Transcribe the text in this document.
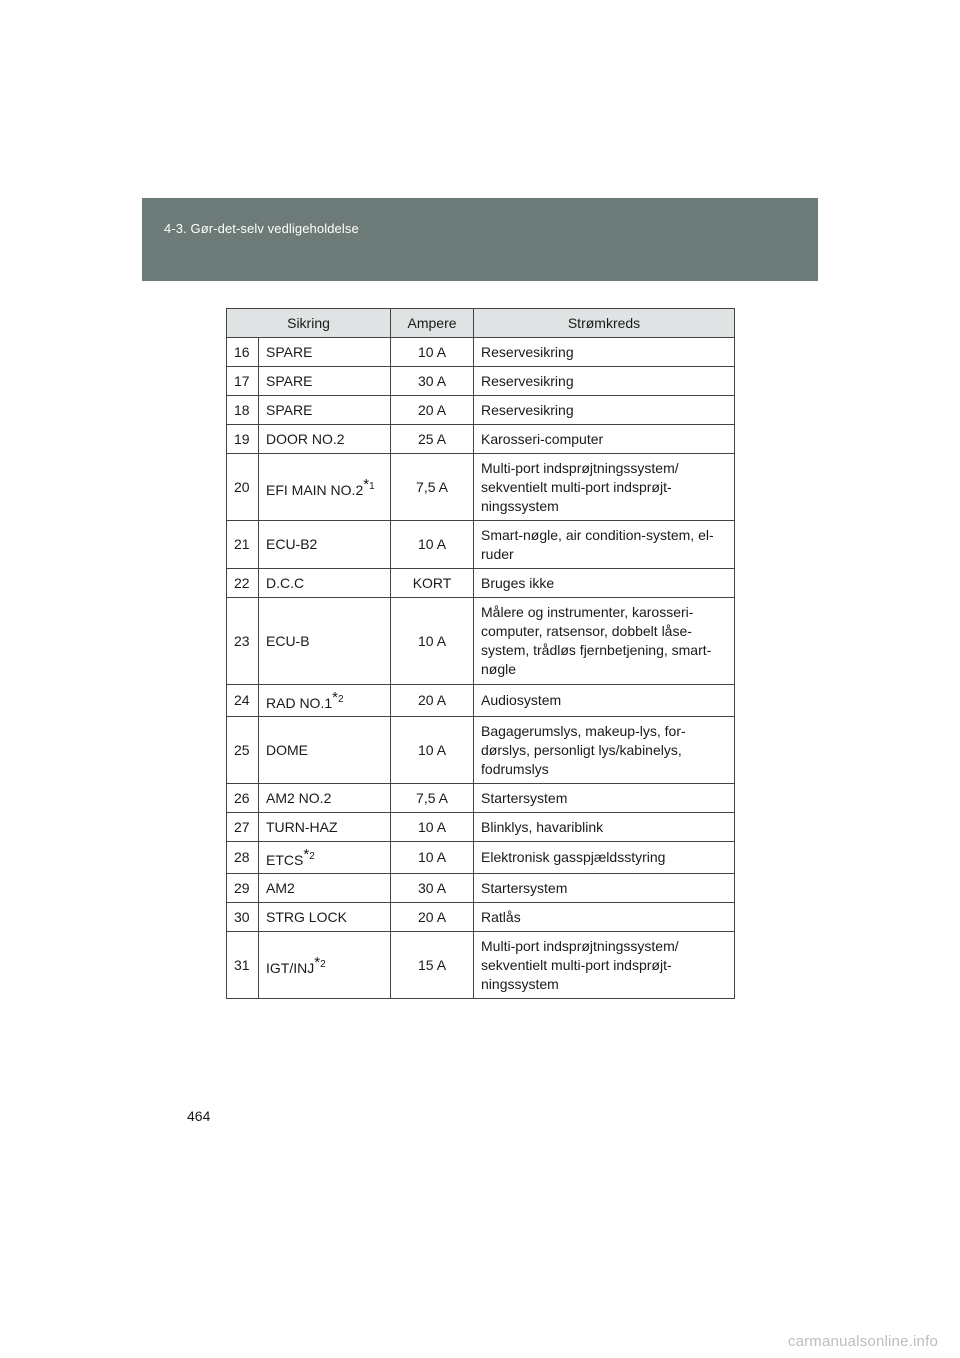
4-3. Gør-det-selv vedligeholdelse
Sikring		Ampere	Strømkreds
16	SPARE	10 A	Reservesikring
17	SPARE	30 A	Reservesikring
18	SPARE	20 A	Reservesikring
19	DOOR NO.2	25 A	Karosseri-computer
20	EFI MAIN NO.2$^{*1}$	7,5 A	Multi-port indsprøjtningssystem/ sekventielt multi-port indsprøjt-ningssystem
21	ECU-B2	10 A	Smart-nøgle, air condition-system, el-ruder
22	D.C.C	KORT	Bruges ikke
23	ECU-B	10 A	Målere og instrumenter, karosseri-computer, ratsensor, dobbelt låse-system, trådløs fjernbetjening, smart-nøgle
24	RAD NO.1$^{*2}$	20 A	Audiosystem
25	DOME	10 A	Bagagerumslys, makeup-lys, for-dørslys, personligt lys/kabinelys, fodrumslys
26	AM2 NO.2	7,5 A	Startersystem
27	TURN-HAZ	10 A	Blinklys, havariblink
28	ETCS$^{*2}$	10 A	Elektronisk gasspjældsstyring
29	AM2	30 A	Startersystem
30	STRG LOCK	20 A	Ratlås
31	IGT/INJ$^{*2}$	15 A	Multi-port indsprøjtningssystem/ sekventielt multi-port indsprøjt-ningssystem
464
carmanualsonline.info
